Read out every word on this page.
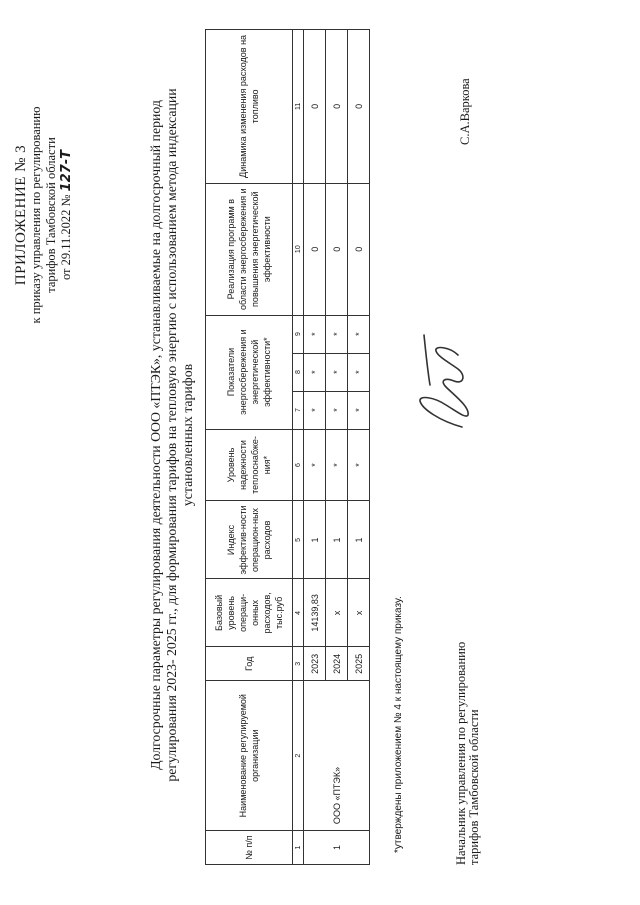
ПРИЛОЖЕНИЕ № 3 к приказу управления по регулированию тарифов Тамбовской области от 29.11.2022 № 127-Т	Долгосрочные параметры регулирования деятельности ООО «ПТЭК», устанавливаемые на долгосрочный период регулирования 2023- 2025 гг., для формирования тарифов на тепловую энергию с использованием метода индексации установленных тарифов
№ п/п	Наименование регулируемой организации	Год	Базовый уровень операци-онных расходов, тыс.руб	Индекс эффектив-ности операцион-ных расходов	Уровень надежности теплоснабже-ния*	Показатели энергосбережения и энергетической эффективности*			Реализация программ в области энергосбережения и повышения энергетической эффективности	Динамика изменения расходов на топливо
1	2	3	4	5	6	7	8	9	10	11
1	ООО «ПТЭК»	2023	14139,83	1	*	*	*	*	0	0
		2024	x	1	*	*	*	*	0	0
		2025	x	1	*	*	*	*	0	0
*утверждены приложением № 4 к настоящему приказу.	Начальник управления по регулированию тарифов Тамбовской области
С.А.Варкова
